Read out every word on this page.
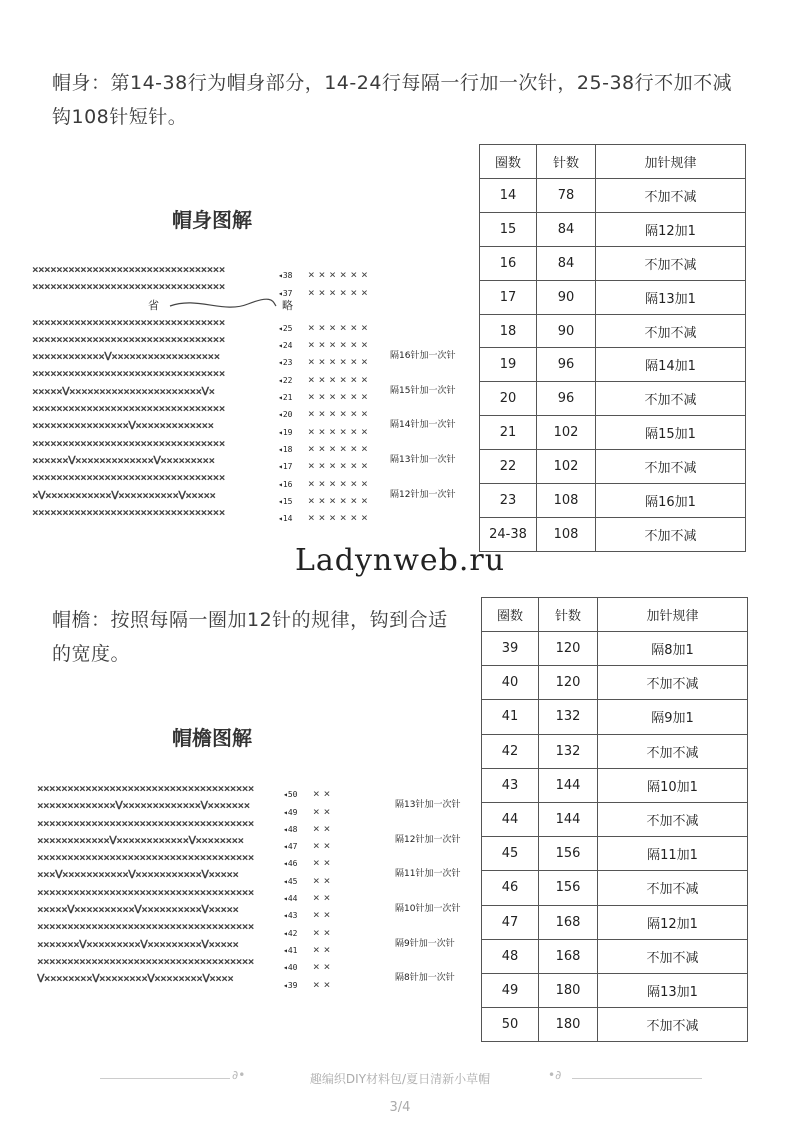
帽身：第14-38行为帽身部分，14-24行每隔一行加一次针，25-38行不加不减
钩108针短针。
帽身图解
××××××××××××××××××××××××××××××××	◂38 ××××××
××××××××××××××××××××××××××××××××	◂37 ××××××
省	略
××××××××××××××××××××××××××××××××	◂25 ××××××
××××××××××××××××××××××××××××××××	◂24 ××××××
××××××××××××ᐯ××××××××××××××××××	◂23 ×××××× 隔16针加一次针
××××××××××××××××××××××××××××××××	◂22 ××××××
×××××ᐯ××××××××××××××××××××××ᐯ×	◂21 ×××××× 隔15针加一次针
××××××××××××××××××××××××××××××××	◂20 ××××××
××××××××××××××××ᐯ×××××××××××××	◂19 ×××××× 隔14针加一次针
××××××××××××××××××××××××××××××××	◂18 ××××××
××××××ᐯ×××××××××××××ᐯ×××××××××	◂17 ×××××× 隔13针加一次针
××××××××××××××××××××××××××××××××	◂16 ××××××
×ᐯ×××××××××××ᐯ××××××××××ᐯ×××××	◂15 ×××××× 隔12针加一次针
××××××××××××××××××××××××××××××××	◂14 ××××××
圈数	针数	加针规律
14	78	不加不减
15	84	隔12加1
16	84	不加不减
17	90	隔13加1
18	90	不加不减
19	96	隔14加1
20	96	不加不减
21	102	隔15加1
22	102	不加不减
23	108	隔16加1
24-38	108	不加不减
Ladynweb.ru
帽檐：按照每隔一圈加12针的规律，钩到合适
的宽度。
帽檐图解
××××××××××××××××××××××××××××××××××××	◂50 ××
×××××××××××××ᐯ×××××××××××××ᐯ×××××××	◂49 ××	隔13针加一次针
××××××××××××××××××××××××××××××××××××	◂48 ××
××××××××××××ᐯ××××××××××××ᐯ××××××××	◂47 ××	隔12针加一次针
××××××××××××××××××××××××××××××××××××	◂46 ××
×××ᐯ×××××××××××ᐯ×××××××××××ᐯ×××××	◂45 ××	隔11针加一次针
××××××××××××××××××××××××××××××××××××	◂44 ××
×××××ᐯ××××××××××ᐯ××××××××××ᐯ×××××	◂43 ××	隔10针加一次针
××××××××××××××××××××××××××××××××××××	◂42 ××
×××××××ᐯ×××××××××ᐯ×××××××××ᐯ×××××	◂41 ××	隔9针加一次针
××××××××××××××××××××××××××××××××××××	◂40 ××
ᐯ××××××××ᐯ××××××××ᐯ××××××××ᐯ××××	◂39 ××	隔8针加一次针
圈数	针数	加针规律
39	120	隔8加1
40	120	不加不减
41	132	隔9加1
42	132	不加不减
43	144	隔10加1
44	144	不加不减
45	156	隔11加1
46	156	不加不减
47	168	隔12加1
48	168	不加不减
49	180	隔13加1
50	180	不加不减
∂•	趣编织DIY材料包/夏日清新小草帽	•∂
3/4
